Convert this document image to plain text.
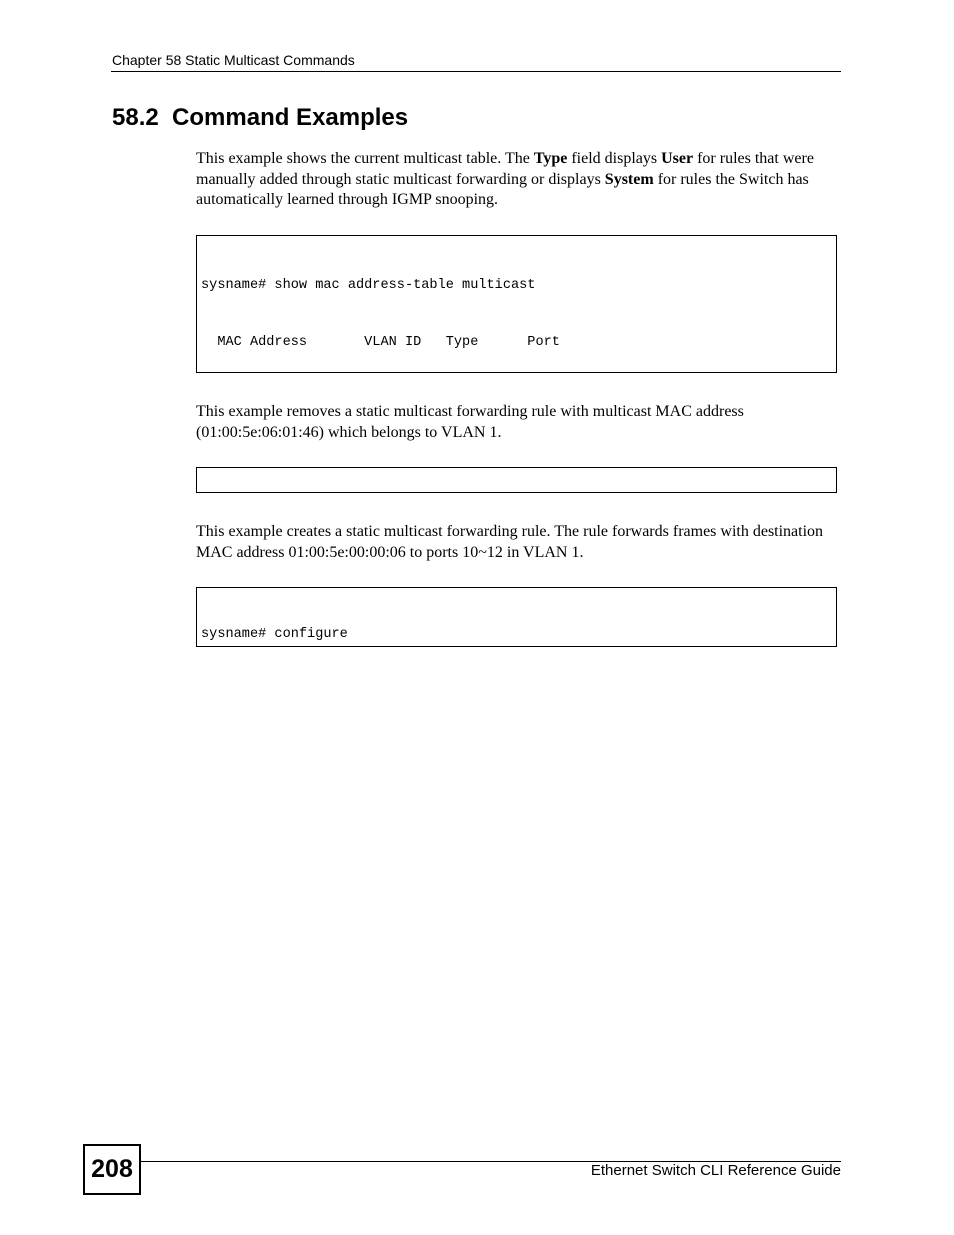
Chapter 58 Static Multicast Commands
58.2  Command Examples

This example shows the current multicast table. The Type field displays User for rules that were manually added through static multicast forwarding or displays System for rules the Switch has automatically learned through IGMP snooping.

sysname# show mac address-table multicast

MAC Address       VLAN ID   Type      Port

This example removes a static multicast forwarding rule with multicast MAC address (01:00:5e:06:01:46) which belongs to VLAN 1.

This example creates a static multicast forwarding rule. The rule forwards frames with destination MAC address 01:00:5e:00:00:06 to ports 10~12 in VLAN 1.

sysname# configure

208	Ethernet Switch CLI Reference Guide
